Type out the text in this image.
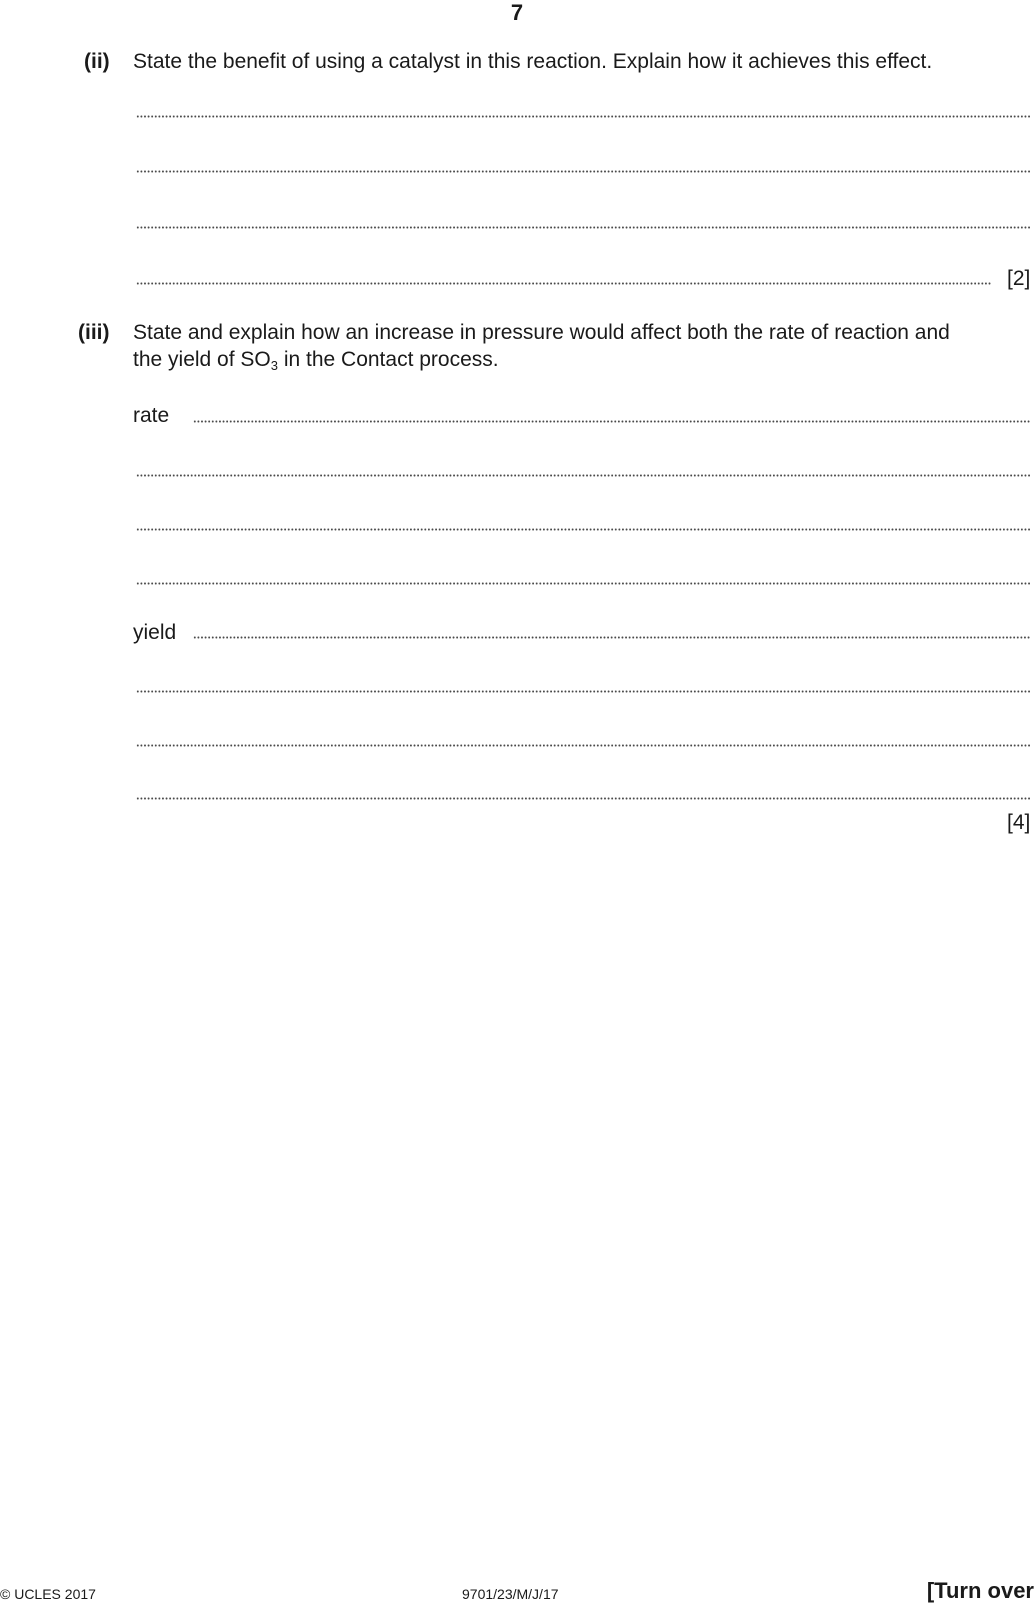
7
(ii) State the benefit of using a catalyst in this reaction. Explain how it achieves this effect.
[2]
(iii) State and explain how an increase in pressure would affect both the rate of reaction and
the yield of $SO_3$ in the Contact process.
rate
yield
[4]
© UCLES 2017	9701/23/M/J/17	[Turn over
